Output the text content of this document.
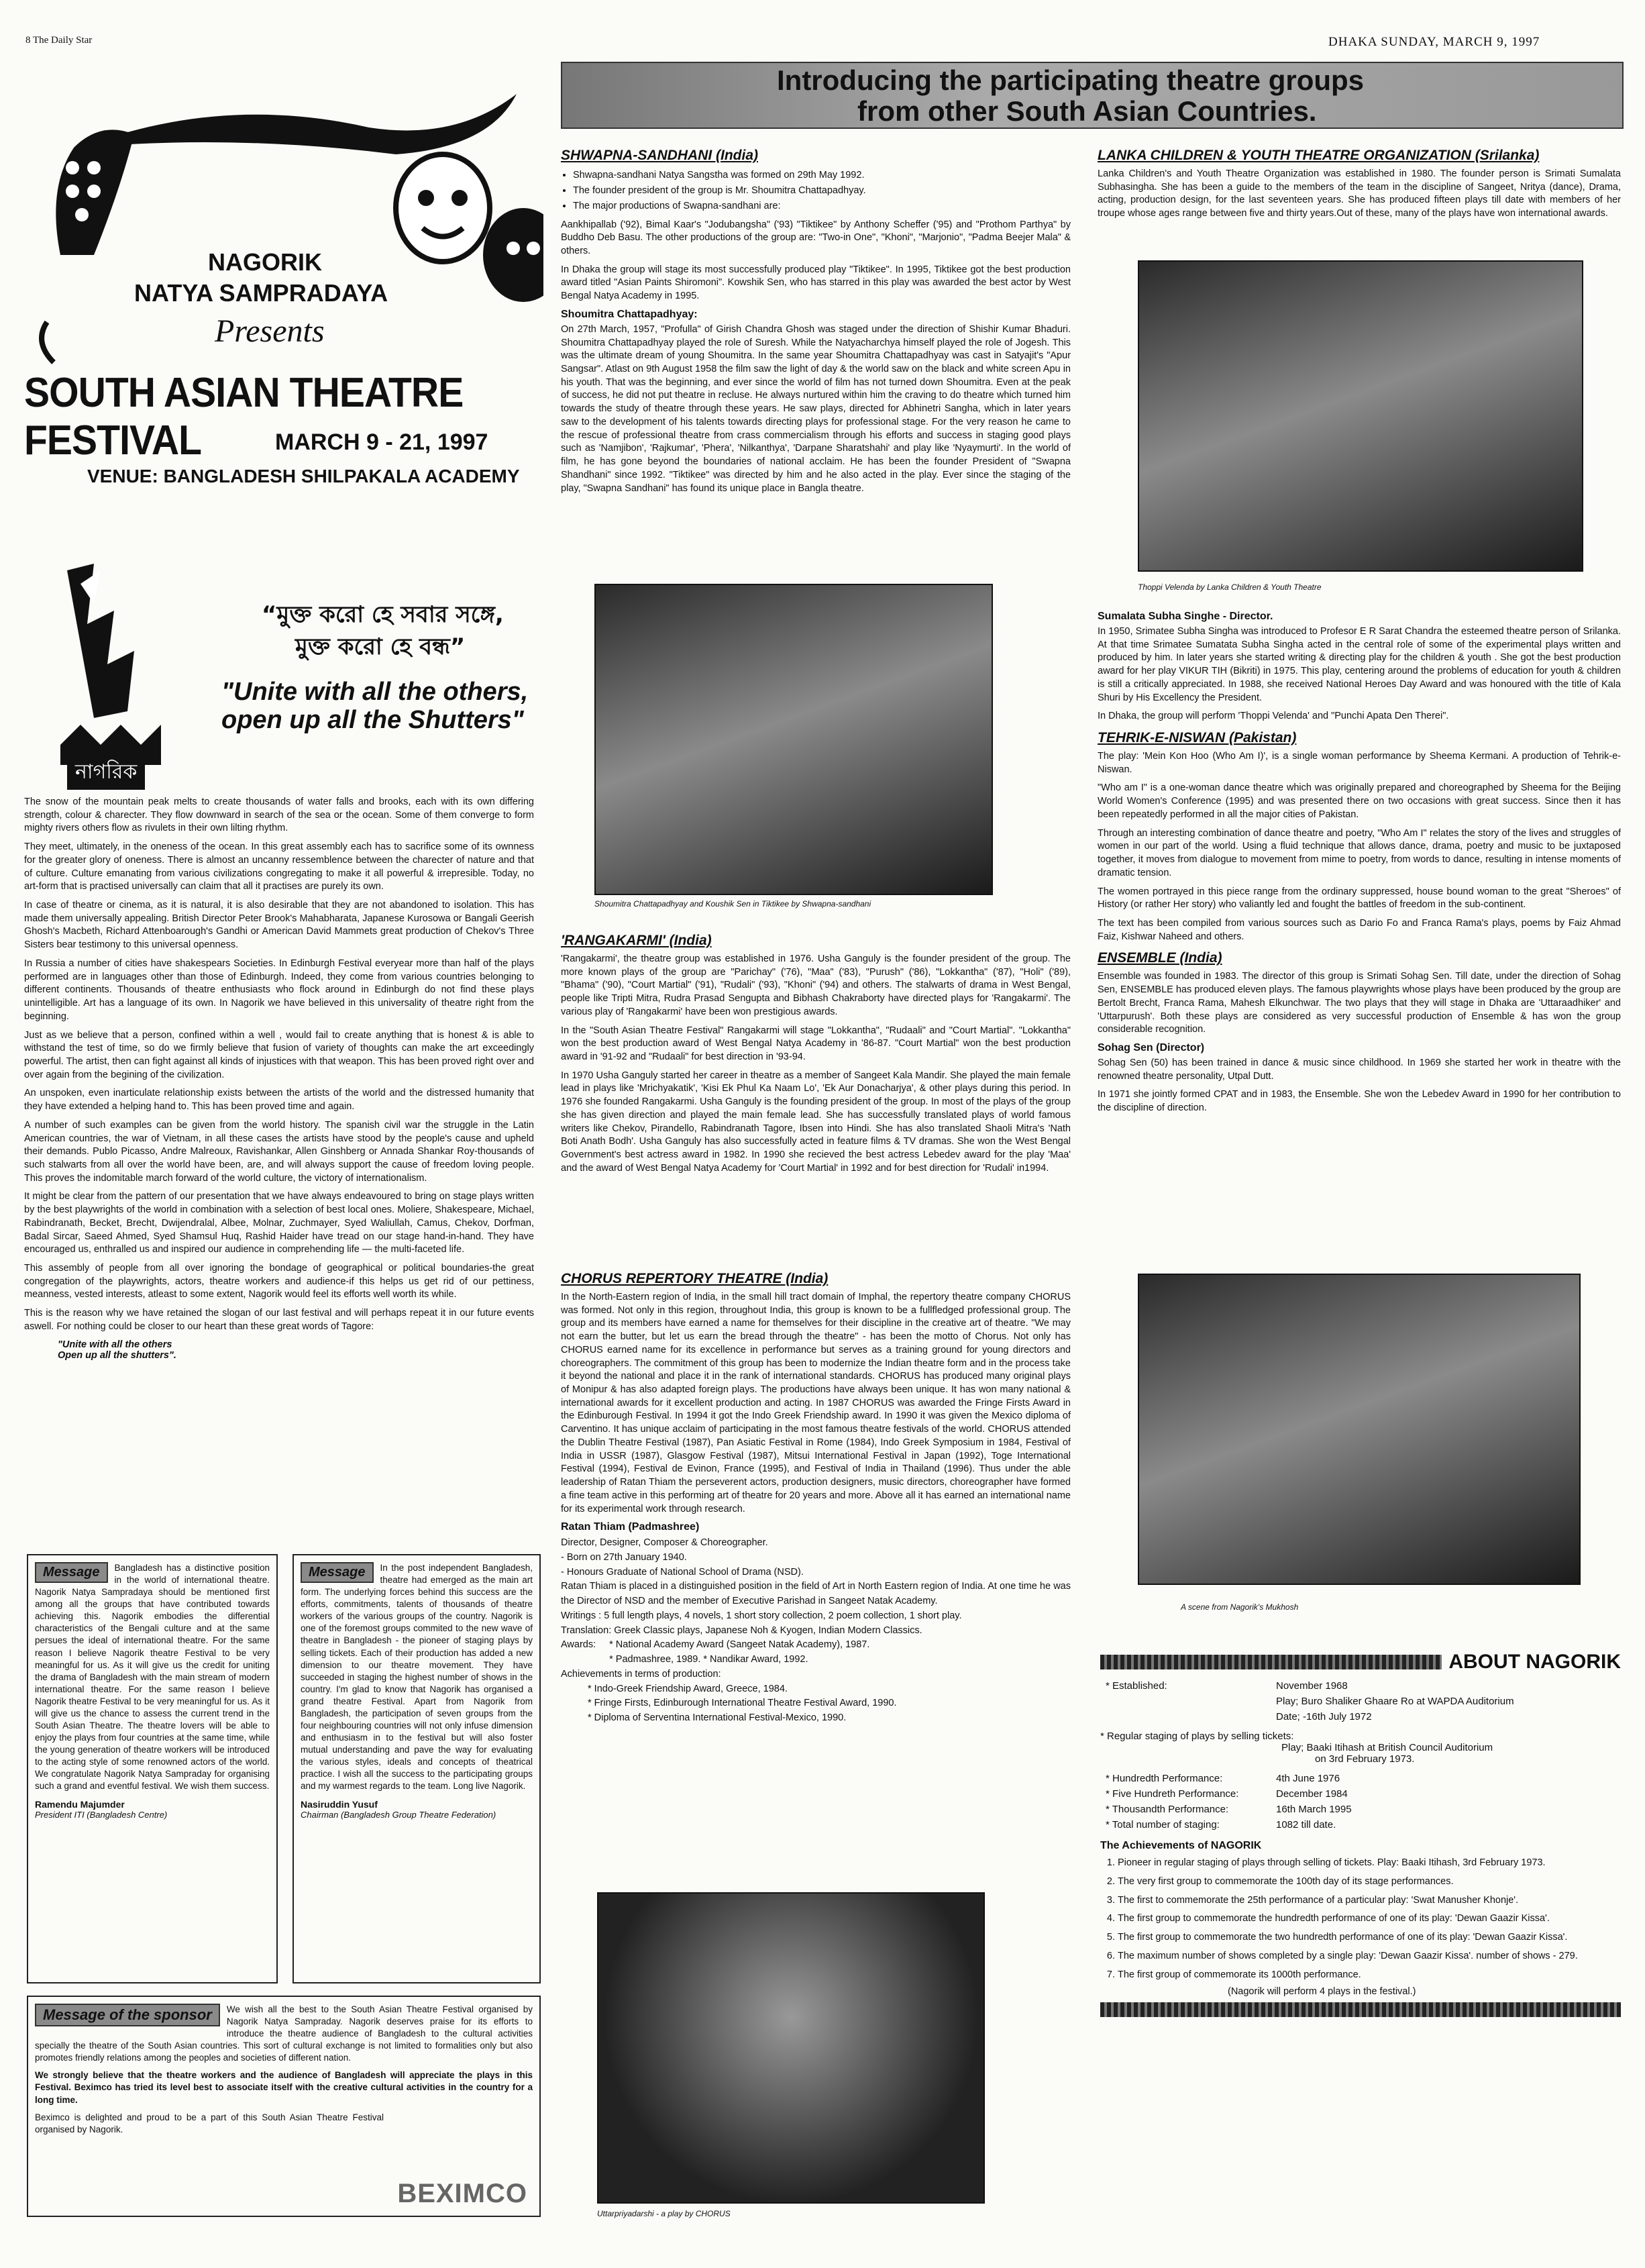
8 The Daily Star	DHAKA SUNDAY, MARCH 9, 1997
Introducing the participating theatre groups
from other South Asian Countries.
NAGORIK
NATYA SAMPRADAYA
Presents
SOUTH ASIAN THEATRE FESTIVAL	MARCH 9 - 21, 1997
VENUE: BANGLADESH SHILPAKALA ACADEMY
নাগরিক
“মুক্ত করো হে সবার সঙ্গে,
মুক্ত করো হে বন্ধ”
"Unite with all the others,
open up all the Shutters"

The snow of the mountain peak melts to create thousands of water falls and brooks, each with its own differing strength, colour & charecter. They flow downward in search of the sea or the ocean. Some of them converge to form mighty rivers others flow as rivulets in their own lilting rhythm.

They meet, ultimately, in the oneness of the ocean. In this great assembly each has to sacrifice some of its ownness for the greater glory of oneness. There is almost an uncanny ressemblence between the charecter of nature and that of culture. Culture emanating from various civilizations congregating to make it all powerful & irrepresible. Today, no art-form that is practised universally can claim that all it practises are purely its own.

In case of theatre or cinema, as it is natural, it is also desirable that they are not abandoned to isolation. This has made them universally appealing. British Director Peter Brook's Mahabharata, Japanese Kurosowa or Bangali Geerish Ghosh's Macbeth, Richard Attenboarough's Gandhi or American David Mammets great production of Chekov's Three Sisters bear testimony to this universal openness.

In Russia a number of cities have shakespears Societies. In Edinburgh Festival everyear more than half of the plays performed are in languages other than those of Edinburgh. Indeed, they come from various countries belonging to different continents. Thousands of theatre enthusiasts who flock around in Edinburgh do not find these plays unintelligible. Art has a language of its own. In Nagorik we have believed in this universality of theatre right from the beginning.

Just as we believe that a person, confined within a well , would fail to create anything that is honest & is able to withstand the test of time, so do we firmly believe that fusion of variety of thoughts can make the art exceedingly powerful. The artist, then can fight against all kinds of injustices with that weapon. This has been proved right over and over again from the begining of the civilization.

An unspoken, even inarticulate relationship exists between the artists of the world and the distressed humanity that they have extended a helping hand to. This has been proved time and again.

A number of such examples can be given from the world history. The spanish civil war the struggle in the Latin American countries, the war of Vietnam, in all these cases the artists have stood by the people's cause and upheld their demands. Publo Picasso, Andre Malreoux, Ravishankar, Allen Ginshberg or Annada Shankar Roy-thousands of such stalwarts from all over the world have been, are, and will always support the cause of freedom loving people. This proves the indomitable march forward of the world culture, the victory of internationalism.

It might be clear from the pattern of our presentation that we have always endeavoured to bring on stage plays written by the best playwrights of the world in combination with a selection of best local ones. Moliere, Shakespeare, Michael, Rabindranath, Becket, Brecht, Dwijendralal, Albee, Molnar, Zuchmayer, Syed Waliullah, Camus, Chekov, Dorfman, Badal Sircar, Saeed Ahmed, Syed Shamsul Huq, Rashid Haider have tread on our stage hand-in-hand. They have encouraged us, enthralled us and inspired our audience in comprehending life — the multi-faceted life.

This assembly of people from all over ignoring the bondage of geographical or political boundaries-the great congregation of the playwrights, actors, theatre workers and audience-if this helps us get rid of our pettiness, meanness, vested interests, atleast to some extent, Nagorik would feel its efforts well worth its while.

This is the reason why we have retained the slogan of our last festival and will perhaps repeat it in our future events aswell. For nothing could be closer to our heart than these great words of Tagore:

"Unite with all the others
Open up all the shutters".
Message	Bangladesh has a distinctive position in the world of international theatre. Nagorik Natya Sampradaya should be mentioned first among all the groups that have contributed towards achieving this. Nagorik embodies the differential characteristics of the Bengali culture and at the same persues the ideal of international theatre. For the same reason I believe Nagorik theatre Festival to be very meaningful for us. As it will give us the credit for uniting the drama of Bangladesh with the main stream of modern international theatre. For the same reason I believe Nagorik theatre Festival to be very meaningful for us. As it will give us the chance to assess the current trend in the South Asian Theatre. The theatre lovers will be able to enjoy the plays from four countries at the same time, while the young generation of theatre workers will be introduced to the acting style of some renowned actors of the world. We congratulate Nagorik Natya Sampraday for organising such a grand and eventful festival. We wish them success.
Ramendu Majumder
President ITI (Bangladesh Centre)
Message	In the post independent Bangladesh, theatre had emerged as the main art form. The underlying forces behind this success are the efforts, commitments, talents of thousands of theatre workers of the various groups of the country. Nagorik is one of the foremost groups commited to the new wave of theatre in Bangladesh - the pioneer of staging plays by selling tickets. Each of their production has added a new dimension to our theatre movement. They have succeeded in staging the highest number of shows in the country. I'm glad to know that Nagorik has organised a grand theatre Festival. Apart from Nagorik from Bangladesh, the participation of seven groups from the four neighbouring countries will not only infuse dimension and enthusiasm in to the festival but will also foster mutual understanding and pave the way for evaluating the various styles, ideals and concepts of theatrical practice. I wish all the success to the participating groups and my warmest regards to the team. Long live Nagorik.
Nasiruddin Yusuf
Chairman (Bangladesh Group Theatre Federation)
Message of the sponsor	We wish all the best to the South Asian Theatre Festival organised by Nagorik Natya Sampraday. Nagorik deserves praise for its efforts to introduce the theatre audience of Bangladesh to the cultural activities specially the theatre of the South Asian countries. This sort of cultural exchange is not limited to formalities only but also promotes friendly relations among the peoples and societies of different nation.
We strongly believe that the theatre workers and the audience of Bangladesh will appreciate the plays in this Festival. Beximco has tried its level best to associate itself with the creative cultural activities in the country for a long time.
Beximco is delighted and proud to be a part of this South Asian Theatre Festival organised by Nagorik.
BEXIMCO
SHWAPNA-SANDHANI (India)
• Shwapna-sandhani Natya Sangstha was formed on 29th May 1992.
• The founder president of the group is Mr. Shoumitra Chattapadhyay.
• The major productions of Swapna-sandhani are:

Aankhipallab ('92), Bimal Kaar's "Jodubangsha" ('93) "Tiktikee" by Anthony Scheffer ('95) and "Prothom Parthya" by Buddho Deb Basu. The other productions of the group are: "Two-in One", "Khoni", "Marjonio", "Padma Beejer Mala" & others.

In Dhaka the group will stage its most successfully produced play "Tiktikee". In 1995, Tiktikee got the best production award titled "Asian Paints Shiromoni". Kowshik Sen, who has starred in this play was awarded the best actor by West Bengal Natya Academy in 1995.

Shoumitra Chattapadhyay:

On 27th March, 1957, "Profulla" of Girish Chandra Ghosh was staged under the direction of Shishir Kumar Bhaduri. Shoumitra Chattapadhyay played the role of Suresh. While the Natyacharchya himself played the role of Jogesh. This was the ultimate dream of young Shoumitra. In the same year Shoumitra Chattapadhyay was cast in Satyajit's "Apur Sangsar". Atlast on 9th August 1958 the film saw the light of day & the world saw on the black and white screen Apu in his youth. That was the beginning, and ever since the world of film has not turned down Shoumitra. Even at the peak of success, he did not put theatre in recluse. He always nurtured within him the craving to do theatre which turned him towards the study of theatre through these years. He saw plays, directed for Abhinetri Sangha, which in later years saw to the development of his talents towards directing plays for professional stage. For the very reason he came to the rescue of professional theatre from crass commercialism through his efforts and success in staging good plays such as 'Namjibon', 'Rajkumar', 'Phera', 'Nilkanthya', 'Darpane Sharatshahi' and play like 'Nyaymurti'. In the world of film, he has gone beyond the boundaries of national acclaim. He has been the founder President of "Swapna Shandhani" since 1992. "Tiktikee" was directed by him and he also acted in the play. Ever since the staging of the play, "Swapna Sandhani" has found its unique place in Bangla theatre.

Shoumitra Chattapadhyay and Koushik Sen in Tiktikee by Shwapna-sandhani
'RANGAKARMI' (India)

'Rangakarmi', the theatre group was established in 1976. Usha Ganguly is the founder president of the group. The more known plays of the group are "Parichay" ('76), "Maa" ('83), "Purush" ('86), "Lokkantha" ('87), "Holi" ('89), "Bhama" ('90), "Court Martial" ('91), "Rudali" ('93), "Khoni" ('94) and others. The stalwarts of drama in West Bengal, people like Tripti Mitra, Rudra Prasad Sengupta and Bibhash Chakraborty have directed plays for 'Rangakarmi'. The various play of 'Rangakarmi' have been won prestigious awards.

In the "South Asian Theatre Festival" Rangakarmi will stage "Lokkantha", "Rudaali" and "Court Martial". "Lokkantha" won the best production award of West Bengal Natya Academy in '86-87. "Court Martial" won the best production award in '91-92 and "Rudaali" for best direction in '93-94.

In 1970 Usha Ganguly started her career in theatre as a member of Sangeet Kala Mandir. She played the main female lead in plays like 'Mrichyakatik', 'Kisi Ek Phul Ka Naam Lo', 'Ek Aur Donacharjya', & other plays during this period. In 1976 she founded Rangakarmi. Usha Ganguly is the founding president of the group. In most of the plays of the group she has given direction and played the main female lead. She has successfully translated plays of world famous writers like Chekov, Pirandello, Rabindranath Tagore, Ibsen into Hindi. She has also translated Shaoli Mitra's 'Nath Boti Anath Bodh'. Usha Ganguly has also successfully acted in feature films & TV dramas. She won the West Bengal Government's best actress award in 1982. In 1990 she recieved the best actress Lebedev award for the play 'Maa' and the award of West Bengal Natya Academy for 'Court Martial' in 1992 and for best direction for 'Rudali' in1994.

CHORUS REPERTORY THEATRE (India)

In the North-Eastern region of India, in the small hill tract domain of Imphal, the repertory theatre company CHORUS was formed. Not only in this region, throughout India, this group is known to be a fullfledged professional group. The group and its members have earned a name for themselves for their discipline in the creative art of theatre. "We may not earn the butter, but let us earn the bread through the theatre" - has been the motto of Chorus. Not only has CHORUS earned name for its excellence in performance but serves as a training ground for young directors and choreographers. The commitment of this group has been to modernize the Indian theatre form and in the process take it beyond the national and place it in the rank of international standards. CHORUS has produced many original plays of Monipur & has also adapted foreign plays. The productions have always been unique. It has won many national & international awards for it excellent production and acting. In 1987 CHORUS was awarded the Fringe Firsts Award in the Edinburough Festival. In 1994 it got the Indo Greek Friendship award. In 1990 it was given the Mexico diploma of Carventino. It has unique acclaim of participating in the most famous theatre festivals of the world. CHORUS attended the Dublin Theatre Festival (1987), Pan Asiatic Festival in Rome (1984), Indo Greek Symposium in 1984, Festival of India in USSR (1987), Glasgow Festival (1987), Mitsui International Festival in Japan (1992), Toge International Festival (1994), Festival de Evinon, France (1995), and Festival of India in Thailand (1996). Thus under the able leadership of Ratan Thiam the perseverent actors, production designers, music directors, choreographer have formed a fine team active in this performing art of theatre for 20 years and more. Above all it has earned an international name for its experimental work through research.

Ratan Thiam (Padmashree)
Director, Designer, Composer & Choreographer.
- Born on 27th January 1940.
- Honours Graduate of National School of Drama (NSD).
Ratan Thiam is placed in a distinguished position in the field of Art in North Eastern region of India. At one time he was the Director of NSD and the member of Executive Parishad in Sangeet Natak Academy.
Writings : 5 full length plays, 4 novels, 1 short story collection, 2 poem collection, 1 short play.
Translation: Greek Classic plays, Japanese Noh & Kyogen, Indian Modern Classics.
Awards: * National Academy Award (Sangeet Natak Academy), 1987.
* Padmashree, 1989. * Nandikar Award, 1992.
Achievements in terms of production:
* Indo-Greek Friendship Award, Greece, 1984.
* Fringe Firsts, Edinburough International Theatre Festival Award, 1990.
* Diploma of Serventina International Festival-Mexico, 1990.
Uttarpriyadarshi - a play by CHORUS
LANKA CHILDREN & YOUTH THEATRE ORGANIZATION (Srilanka)

Lanka Children's and Youth Theatre Organization was established in 1980. The founder person is Srimati Sumalata Subhasingha. She has been a guide to the members of the team in the discipline of Sangeet, Nritya (dance), Drama, acting, production design, for the last seventeen years. She has produced fifteen plays till date with members of her troupe whose ages range between five and thirty years.Out of these, many of the plays have won international awards.

Thoppi Velenda by Lanka Children & Youth Theatre
Sumalata Subha Singhe - Director.

In 1950, Srimatee Subha Singha was introduced to Profesor E R Sarat Chandra the esteemed theatre person of Srilanka. At that time Srimatee Sumatata Subha Singha acted in the central role of some of the experimental plays written and produced by him. In later years she started writing & directing play for the children & youth . She got the best production award for her play VIKUR TIH (Bikriti) in 1975. This play, centering around the problems of education for youth & children is still a critically appreciated. In 1988, she received National Heroes Day Award and was honoured with the title of Kala Shuri by His Excellency the President.

In Dhaka, the group will perform 'Thoppi Velenda' and "Punchi Apata Den Therei".

TEHRIK-E-NISWAN (Pakistan)

The play: 'Mein Kon Hoo (Who Am I)', is a single woman performance by Sheema Kermani. A production of Tehrik-e-Niswan.

"Who am I" is a one-woman dance theatre which was originally prepared and choreographed by Sheema for the Beijing World Women's Conference (1995) and was presented there on two occasions with great success. Since then it has been repeatedly performed in all the major cities of Pakistan.

Through an interesting combination of dance theatre and poetry, "Who Am I" relates the story of the lives and struggles of women in our part of the world. Using a fluid technique that allows dance, drama, poetry and music to be juxtaposed together, it moves from dialogue to movement from mime to poetry, from words to dance, resulting in intense moments of dramatic tension.

The women portrayed in this piece range from the ordinary suppressed, house bound woman to the great "Sheroes" of History (or rather Her story) who valiantly led and fought the battles of freedom in the sub-continent.

The text has been compiled from various sources such as Dario Fo and Franca Rama's plays, poems by Faiz Ahmad Faiz, Kishwar Naheed and others.

ENSEMBLE (India)

Ensemble was founded in 1983. The director of this group is Srimati Sohag Sen. Till date, under the direction of Sohag Sen, ENSEMBLE has produced eleven plays. The famous playwrights whose plays have been produced by the group are Bertolt Brecht, Franca Rama, Mahesh Elkunchwar. The two plays that they will stage in Dhaka are 'Uttaraadhiker' and 'Uttarpurush'. Both these plays are considered as very successful production of Ensemble & has won the group considerable recognition.

Sohag Sen (Director)

Sohag Sen (50) has been trained in dance & music since childhood. In 1969 she started her work in theatre with the renowned theatre personality, Utpal Dutt.

In 1971 she jointly formed CPAT and in 1983, the Ensemble. She won the Lebedev Award in 1990 for her contribution to the discipline of direction.

A scene from Nagorik's Mukhosh
ABOUT NAGORIK
* Established:	November 1968
	Play; Buro Shaliker Ghaare Ro at WAPDA Auditorium
	Date; -16th July 1972
* Regular staging of plays by selling tickets:
Play; Baaki Itihash at British Council Auditorium
on 3rd February 1973.
* Hundredth Performance:	4th June 1976
* Five Hundreth Performance:	December 1984
* Thousandth Performance:	16th March 1995
* Total number of staging:	1082 till date.
The Achievements of NAGORIK
1. Pioneer in regular staging of plays through selling of tickets. Play: Baaki Itihash, 3rd February 1973.
2. The very first group to commemorate the 100th day of its stage performances.
3. The first to commemorate the 25th performance of a particular play: 'Swat Manusher Khonje'.
4. The first group to commemorate the hundredth performance of one of its play: 'Dewan Gaazir Kissa'.
5. The first group to commemorate the two hundredth performance of one of its play: 'Dewan Gaazir Kissa'.
6. The maximum number of shows completed by a single play: 'Dewan Gaazir Kissa'. number of shows - 279.
7. The first group of commemorate its 1000th performance.
(Nagorik will perform 4 plays in the festival.)
